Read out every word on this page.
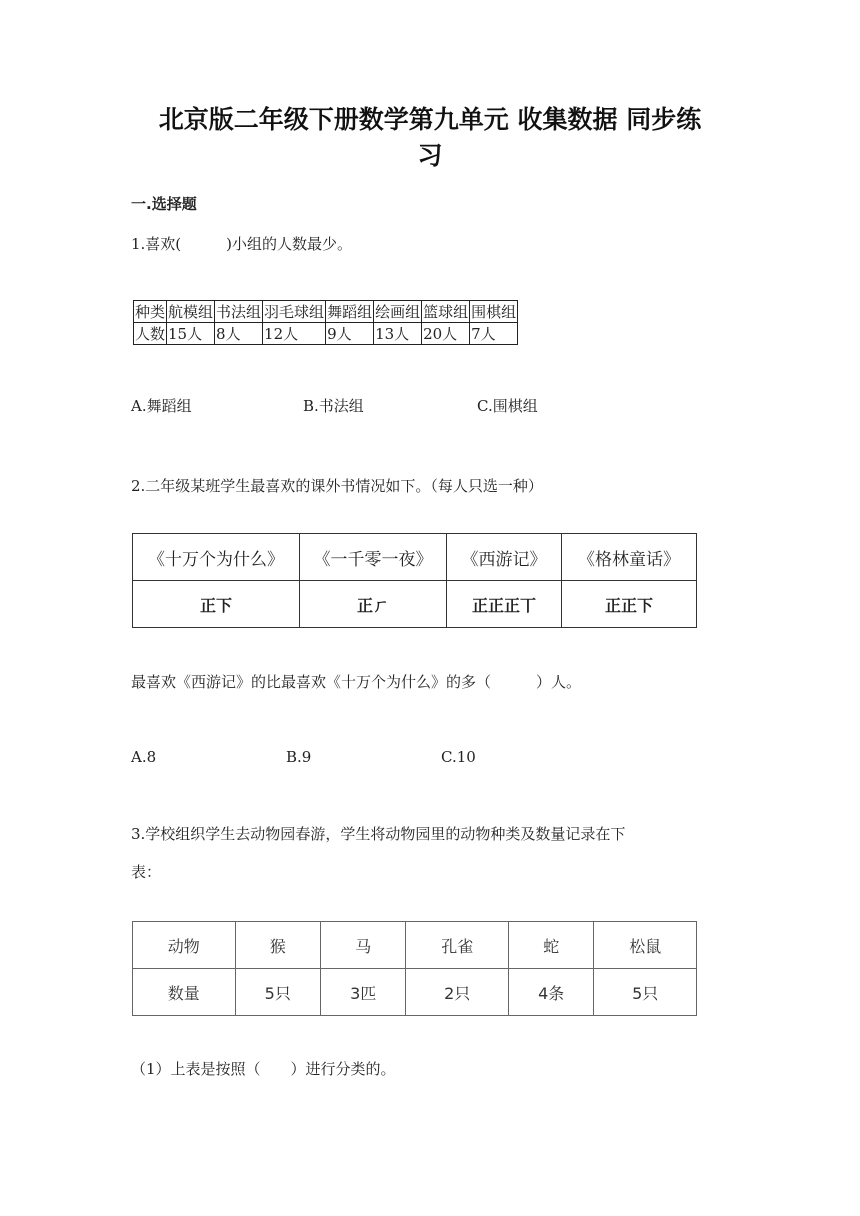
北京版二年级下册数学第九单元 收集数据 同步练
习
一.选择题
1.喜欢(　　　)小组的人数最少。
种类	航模组	书法组	羽毛球组	舞蹈组	绘画组	篮球组	围棋组
人数	15人	8人	12人	9人	13人	20人	7人
A.舞蹈组	B.书法组	C.围棋组
2.二年级某班学生最喜欢的课外书情况如下。（每人只选一种）
《十万个为什么》	《一千零一夜》	《西游记》	《格林童话》
正下	正ㄏ	正正正丅	正正下
最喜欢《西游记》的比最喜欢《十万个为什么》的多（　　　）人。
A.8	B.9	C.10
3.学校组织学生去动物园春游，学生将动物园里的动物种类及数量记录在下
表：
动物	猴	马	孔雀	蛇	松鼠
数量	5只	3匹	2只	4条	5只
（1）上表是按照（　　）进行分类的。
